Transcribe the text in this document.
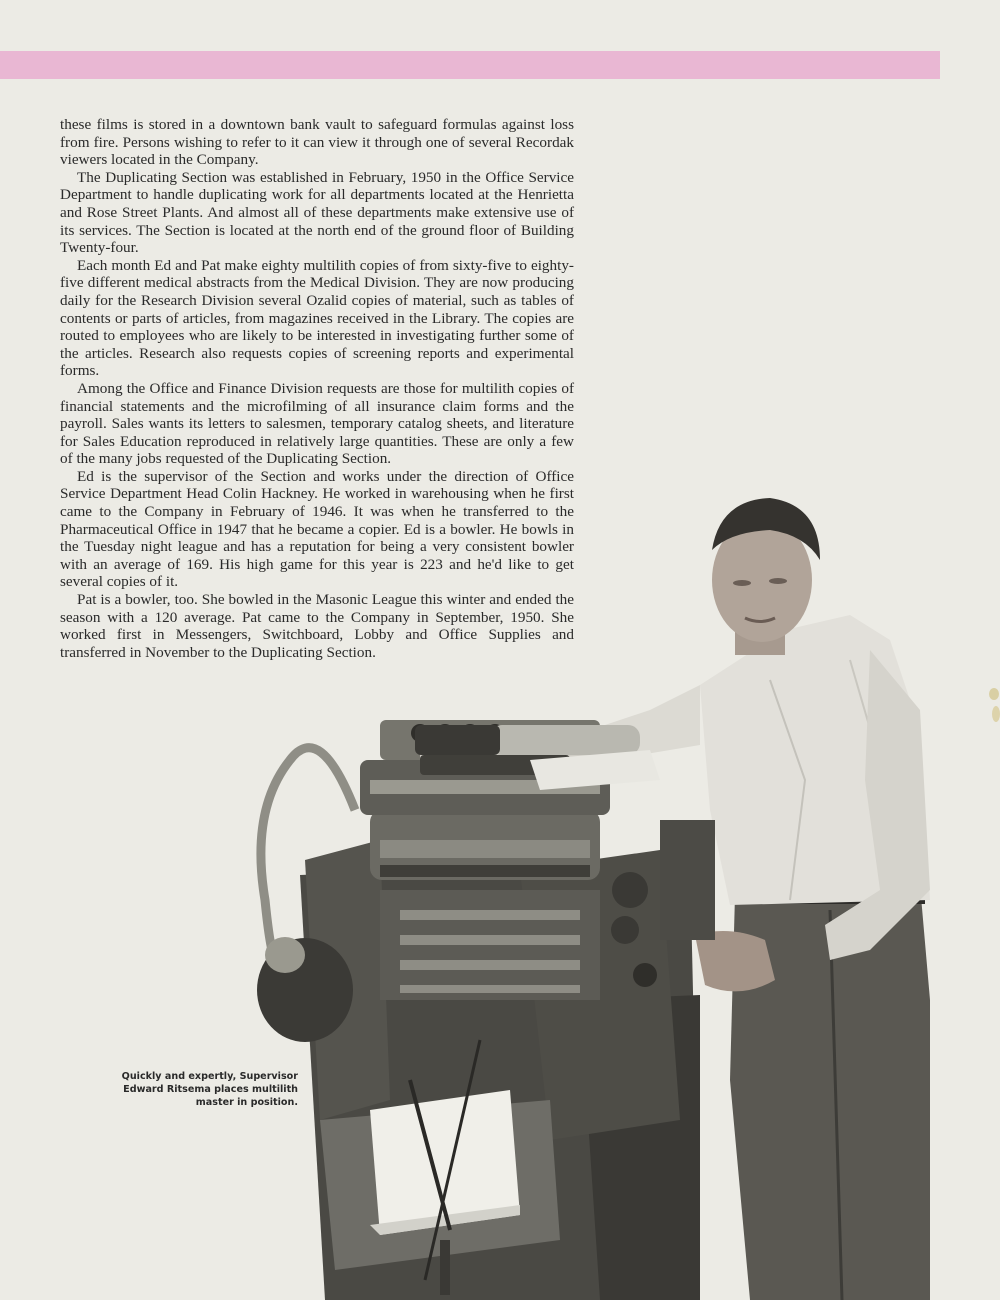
these films is stored in a downtown bank vault to safeguard formulas against loss from fire. Persons wishing to refer to it can view it through one of several Recordak viewers located in the Company.

The Duplicating Section was established in February, 1950 in the Office Service Department to handle duplicating work for all departments located at the Henrietta and Rose Street Plants. And almost all of these departments make extensive use of its services. The Section is located at the north end of the ground floor of Building Twenty-four.

Each month Ed and Pat make eighty multilith copies of from sixty-five to eighty-five different medical abstracts from the Medical Division. They are now producing daily for the Research Division several Ozalid copies of material, such as tables of contents or parts of articles, from magazines received in the Library. The copies are routed to employees who are likely to be interested in investigating further some of the articles. Research also requests copies of screening reports and experimental forms.

Among the Office and Finance Division requests are those for multilith copies of financial statements and the microfilming of all insurance claim forms and the payroll. Sales wants its letters to salesmen, temporary catalog sheets, and literature for Sales Education reproduced in relatively large quantities. These are only a few of the many jobs requested of the Duplicating Section.

Ed is the supervisor of the Section and works under the direction of Office Service Department Head Colin Hackney. He worked in warehousing when he first came to the Company in February of 1946. It was when he transferred to the Pharmaceutical Office in 1947 that he became a copier. Ed is a bowler. He bowls in the Tuesday night league and has a reputation for being a very consistent bowler with an average of 169. His high game for this year is 223 and he'd like to get several copies of it.

Pat is a bowler, too. She bowled in the Masonic League this winter and ended the season with a 120 average. Pat came to the Company in September, 1950. She worked first in Messengers, Switchboard, Lobby and Office Supplies and transferred in November to the Duplicating Section.

Quickly and expertly, Supervisor Edward Ritsema places multilith master in position.
